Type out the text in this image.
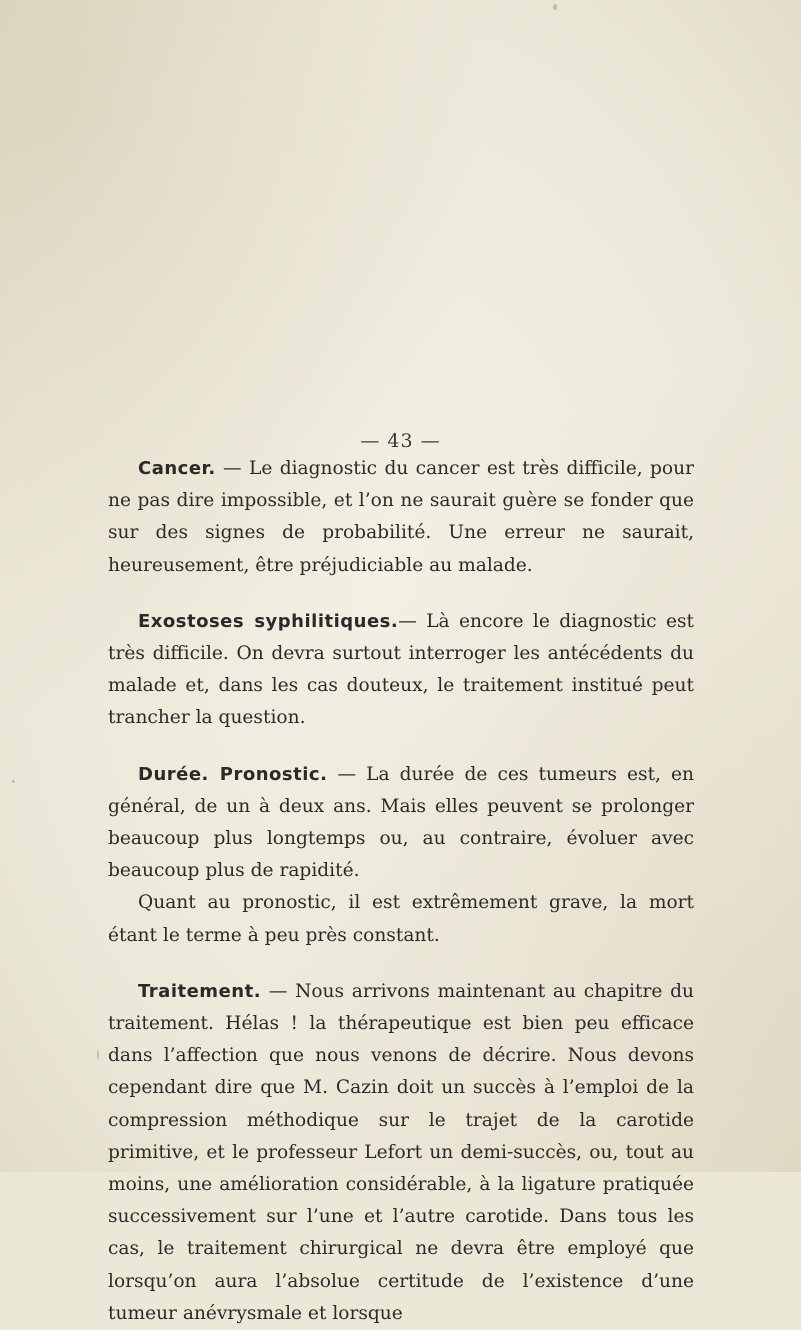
— 43 —

Cancer. — Le diagnostic du cancer est très difficile, pour ne pas dire impossible, et l’on ne saurait guère se fonder que sur des signes de probabilité. Une erreur ne saurait, heureusement, être préjudiciable au malade.

Exostoses syphilitiques.— Là encore le diagnostic est très difficile. On devra surtout interroger les antécédents du malade et, dans les cas douteux, le traitement institué peut trancher la question.

Durée. Pronostic. — La durée de ces tumeurs est, en général, de un à deux ans. Mais elles peuvent se prolonger beaucoup plus longtemps ou, au contraire, évoluer avec beaucoup plus de rapidité.

Quant au pronostic, il est extrêmement grave, la mort étant le terme à peu près constant.

Traitement. — Nous arrivons maintenant au chapitre du traitement. Hélas ! la thérapeutique est bien peu efficace dans l’affection que nous venons de décrire. Nous devons cependant dire que M. Cazin doit un succès à l’emploi de la compression méthodique sur le trajet de la carotide primitive, et le professeur Lefort un demi-succès, ou, tout au moins, une amélioration considérable, à la ligature pratiquée successivement sur l’une et l’autre carotide. Dans tous les cas, le traitement chirurgical ne devra être employé que lorsqu’on aura l’absolue certitude de l’existence d’une tumeur anévrysmale et lorsque
